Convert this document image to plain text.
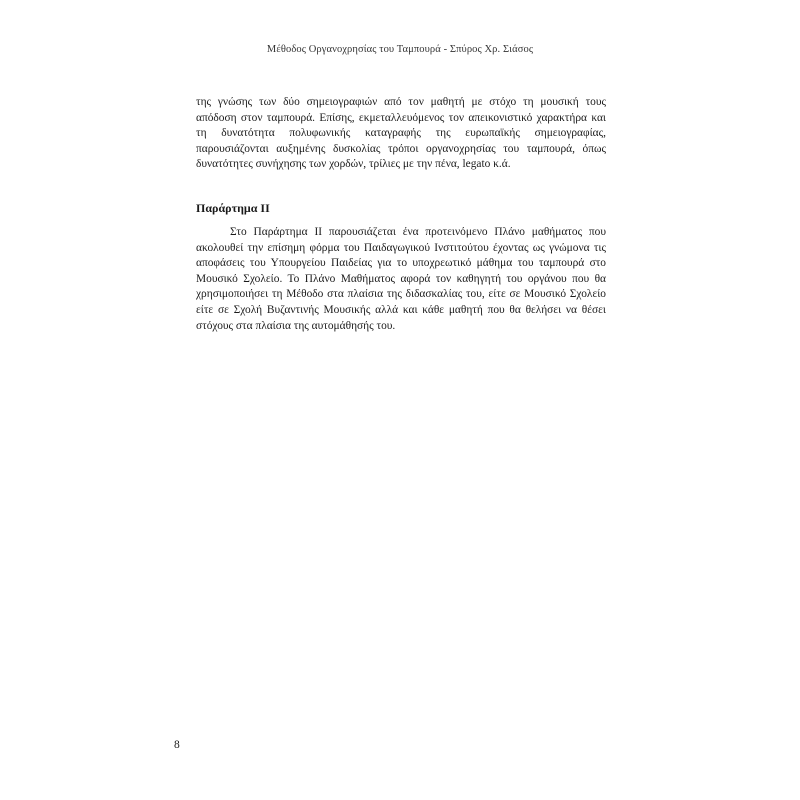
Μέθοδος Οργανοχρησίας του Ταμπουρά - Σπύρος Χρ. Σιάσος
της γνώσης των δύο σημειογραφιών από τον μαθητή με στόχο τη μουσική τους
απόδοση στον ταμπουρά. Επίσης, εκμεταλλευόμενος τον απεικονιστικό χαρακτήρα και
τη δυνατότητα πολυφωνικής καταγραφής της ευρωπαϊκής σημειογραφίας,
παρουσιάζονται αυξημένης δυσκολίας τρόποι οργανοχρησίας του ταμπουρά, όπως
δυνατότητες συνήχησης των χορδών, τρίλιες με την πένα, legato κ.ά.
Παράρτημα ΙΙ
Στο Παράρτημα ΙΙ παρουσιάζεται ένα προτεινόμενο Πλάνο μαθήματος που
ακολουθεί την επίσημη φόρμα του Παιδαγωγικού Ινστιτούτου έχοντας ως γνώμονα τις
αποφάσεις του Υπουργείου Παιδείας για το υποχρεωτικό μάθημα του ταμπουρά στο
Μουσικό Σχολείο. Το Πλάνο Μαθήματος αφορά τον καθηγητή του οργάνου που θα
χρησιμοποιήσει τη Μέθοδο στα πλαίσια της διδασκαλίας του, είτε σε Μουσικό Σχολείο
είτε σε Σχολή Βυζαντινής Μουσικής αλλά και κάθε μαθητή που θα θελήσει να θέσει
στόχους στα πλαίσια της αυτομάθησής του.
8
